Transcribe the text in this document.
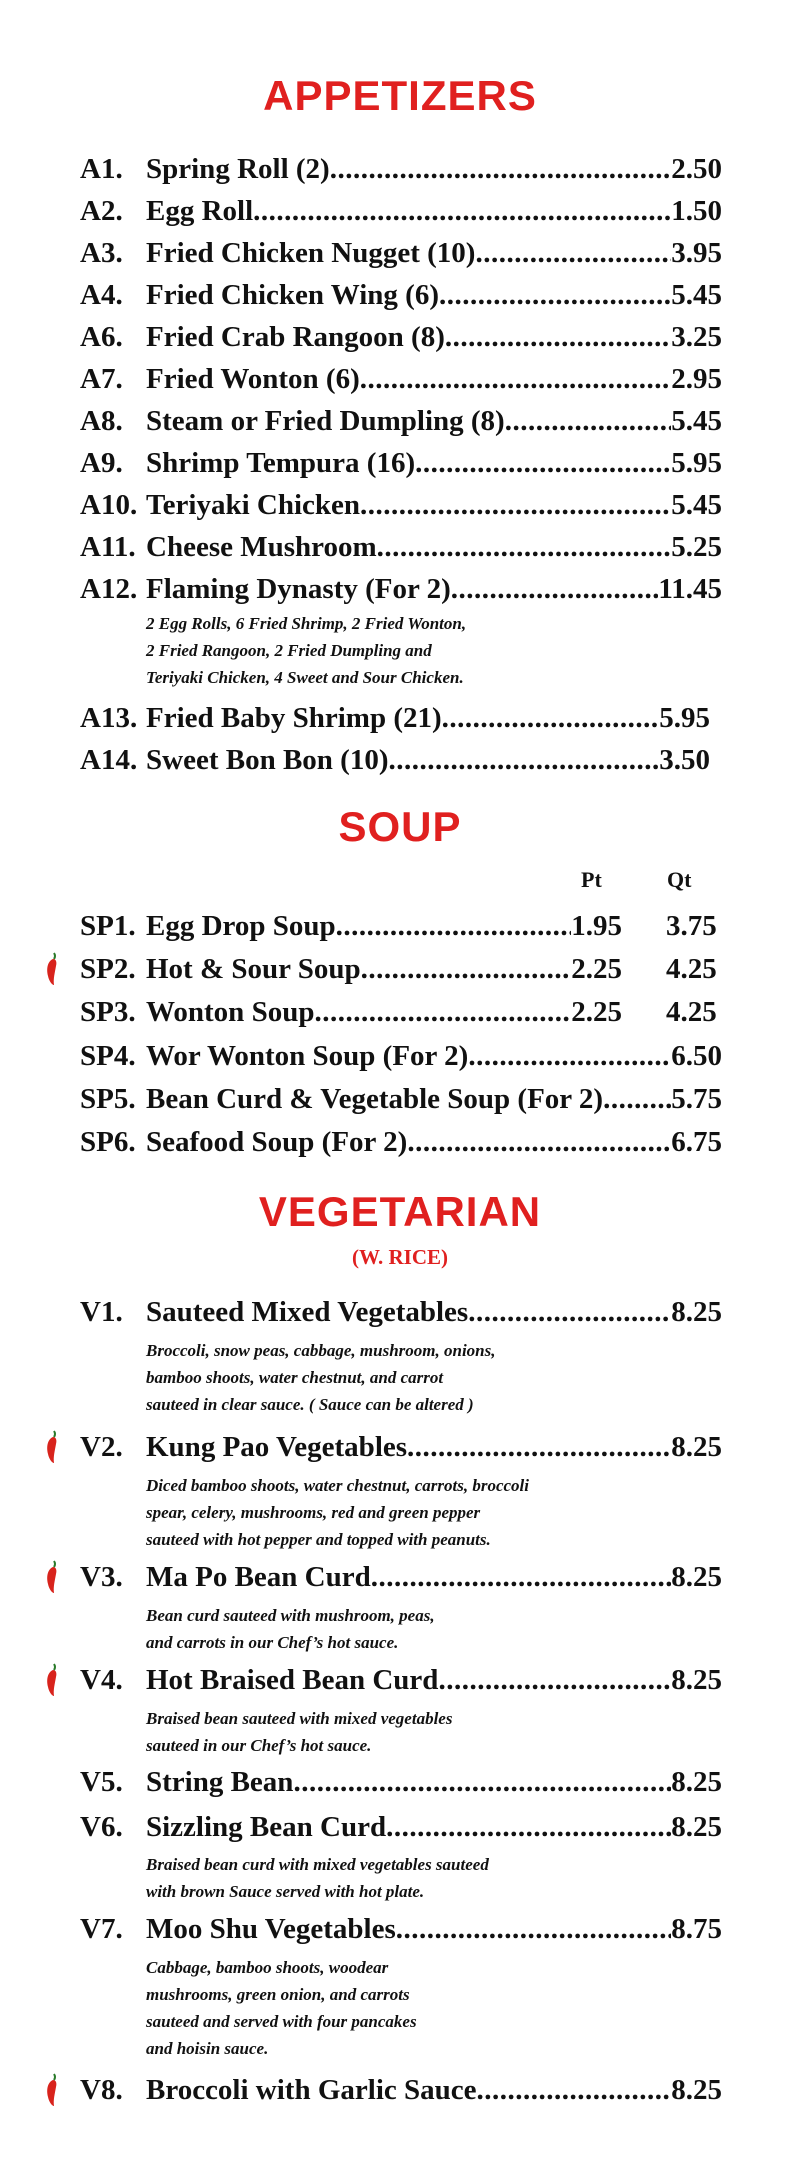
APPETIZERS
A1. Spring Roll (2) .....	2.50
A2. Egg Roll .....	1.50
A3. Fried Chicken Nugget (10) .....	3.95
A4. Fried Chicken Wing (6) .....	5.45
A6. Fried Crab Rangoon (8) .....	3.25
A7. Fried Wonton (6) .....	2.95
A8. Steam or Fried Dumpling (8) .....	5.45
A9. Shrimp Tempura (16) .....	5.95
A10. Teriyaki Chicken .....	5.45
A11. Cheese Mushroom .....	5.25
A12. Flaming Dynasty (For 2) .....	11.45
2 Egg Rolls, 6 Fried Shrimp, 2 Fried Wonton,
2 Fried Rangoon, 2 Fried Dumpling and
Teriyaki Chicken, 4 Sweet and Sour Chicken.
A13. Fried Baby Shrimp (21) .....	5.95
A14. Sweet Bon Bon (10) .....	3.50
SOUP
Pt	Qt
SP1. Egg Drop Soup .....	1.95 3.75
SP2. Hot & Sour Soup .....	2.25 4.25
SP3. Wonton Soup .....	2.25 4.25
SP4. Wor Wonton Soup (For 2) .....	6.50
SP5. Bean Curd & Vegetable Soup (For 2) ..... 5.75
SP6. Seafood Soup (For 2) .....	6.75
VEGETARIAN
(W. RICE)
V1. Sauteed Mixed Vegetables .....	8.25
Broccoli, snow peas, cabbage, mushroom, onions,
bamboo shoots, water chestnut, and carrot
sauteed in clear sauce. ( Sauce can be altered )
V2. Kung Pao Vegetables .....	8.25
Diced bamboo shoots, water chestnut, carrots, broccoli
spear, celery, mushrooms, red and green pepper
sauteed with hot pepper and topped with peanuts.
V3. Ma Po Bean Curd .....	8.25
Bean curd sauteed with mushroom, peas,
and carrots in our Chef’s hot sauce.
V4. Hot Braised Bean Curd .....	8.25
Braised bean sauteed with mixed vegetables
sauteed in our Chef’s hot sauce.
V5. String Bean .....	8.25
V6. Sizzling Bean Curd .....	8.25
Braised bean curd with mixed vegetables sauteed
with brown Sauce served with hot plate.
V7. Moo Shu Vegetables .....	8.75
Cabbage, bamboo shoots, woodear
mushrooms, green onion, and carrots
sauteed and served with four pancakes
and hoisin sauce.
V8. Broccoli with Garlic Sauce .....	8.25
